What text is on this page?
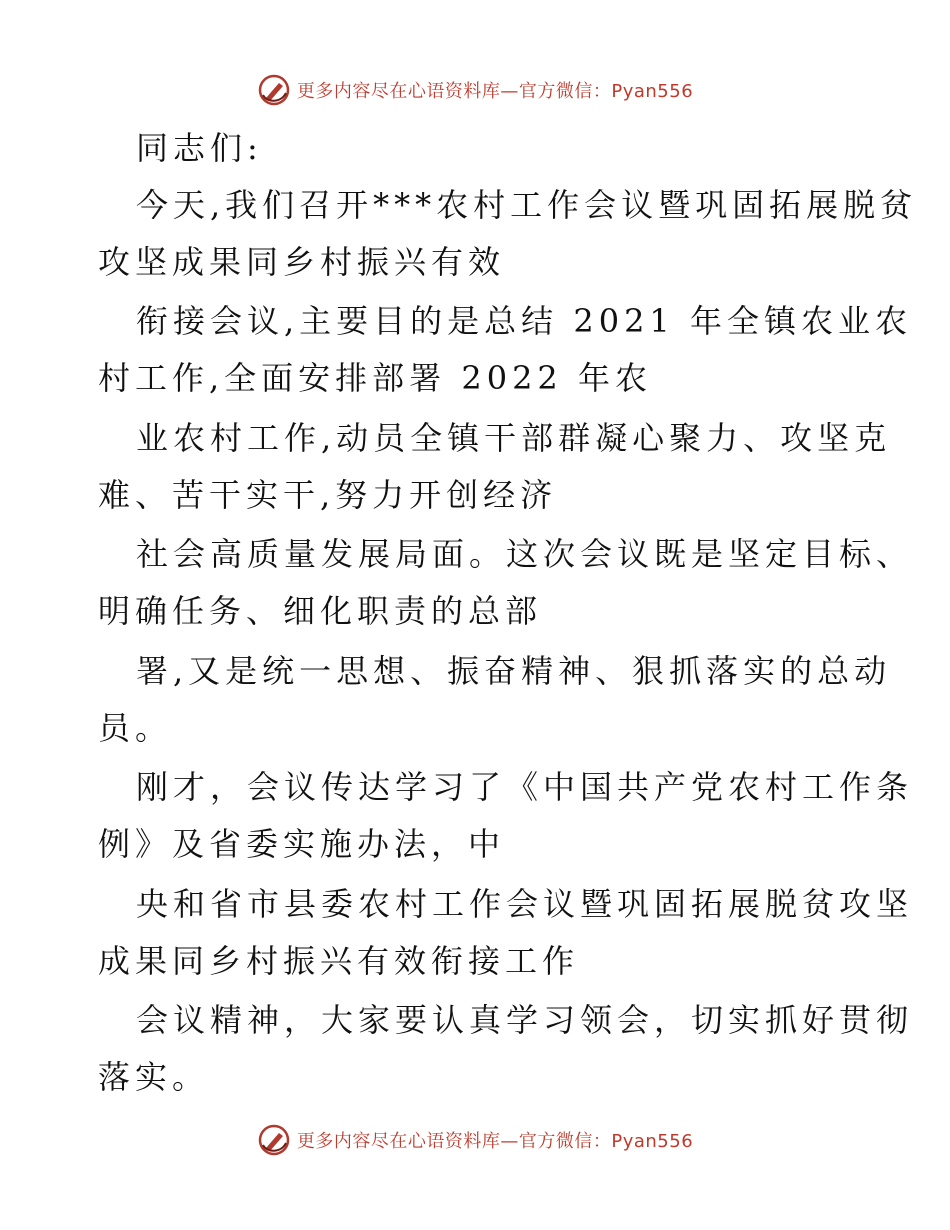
更多内容尽在心语资料库—官方微信：Pyan556
同志们:
今天,我们召开***农村工作会议暨巩固拓展脱贫
攻坚成果同乡村振兴有效
衔接会议,主要目的是总结 2021 年全镇农业农
村工作,全面安排部署 2022 年农
业农村工作,动员全镇干部群凝心聚力、攻坚克
难、苦干实干,努力开创经济
社会高质量发展局面。这次会议既是坚定目标、
明确任务、细化职责的总部
署,又是统一思想、振奋精神、狠抓落实的总动
员。
刚才，会议传达学习了《中国共产党农村工作条
例》及省委实施办法，中
央和省市县委农村工作会议暨巩固拓展脱贫攻坚
成果同乡村振兴有效衔接工作
会议精神，大家要认真学习领会，切实抓好贯彻
落实。
更多内容尽在心语资料库—官方微信：Pyan556
